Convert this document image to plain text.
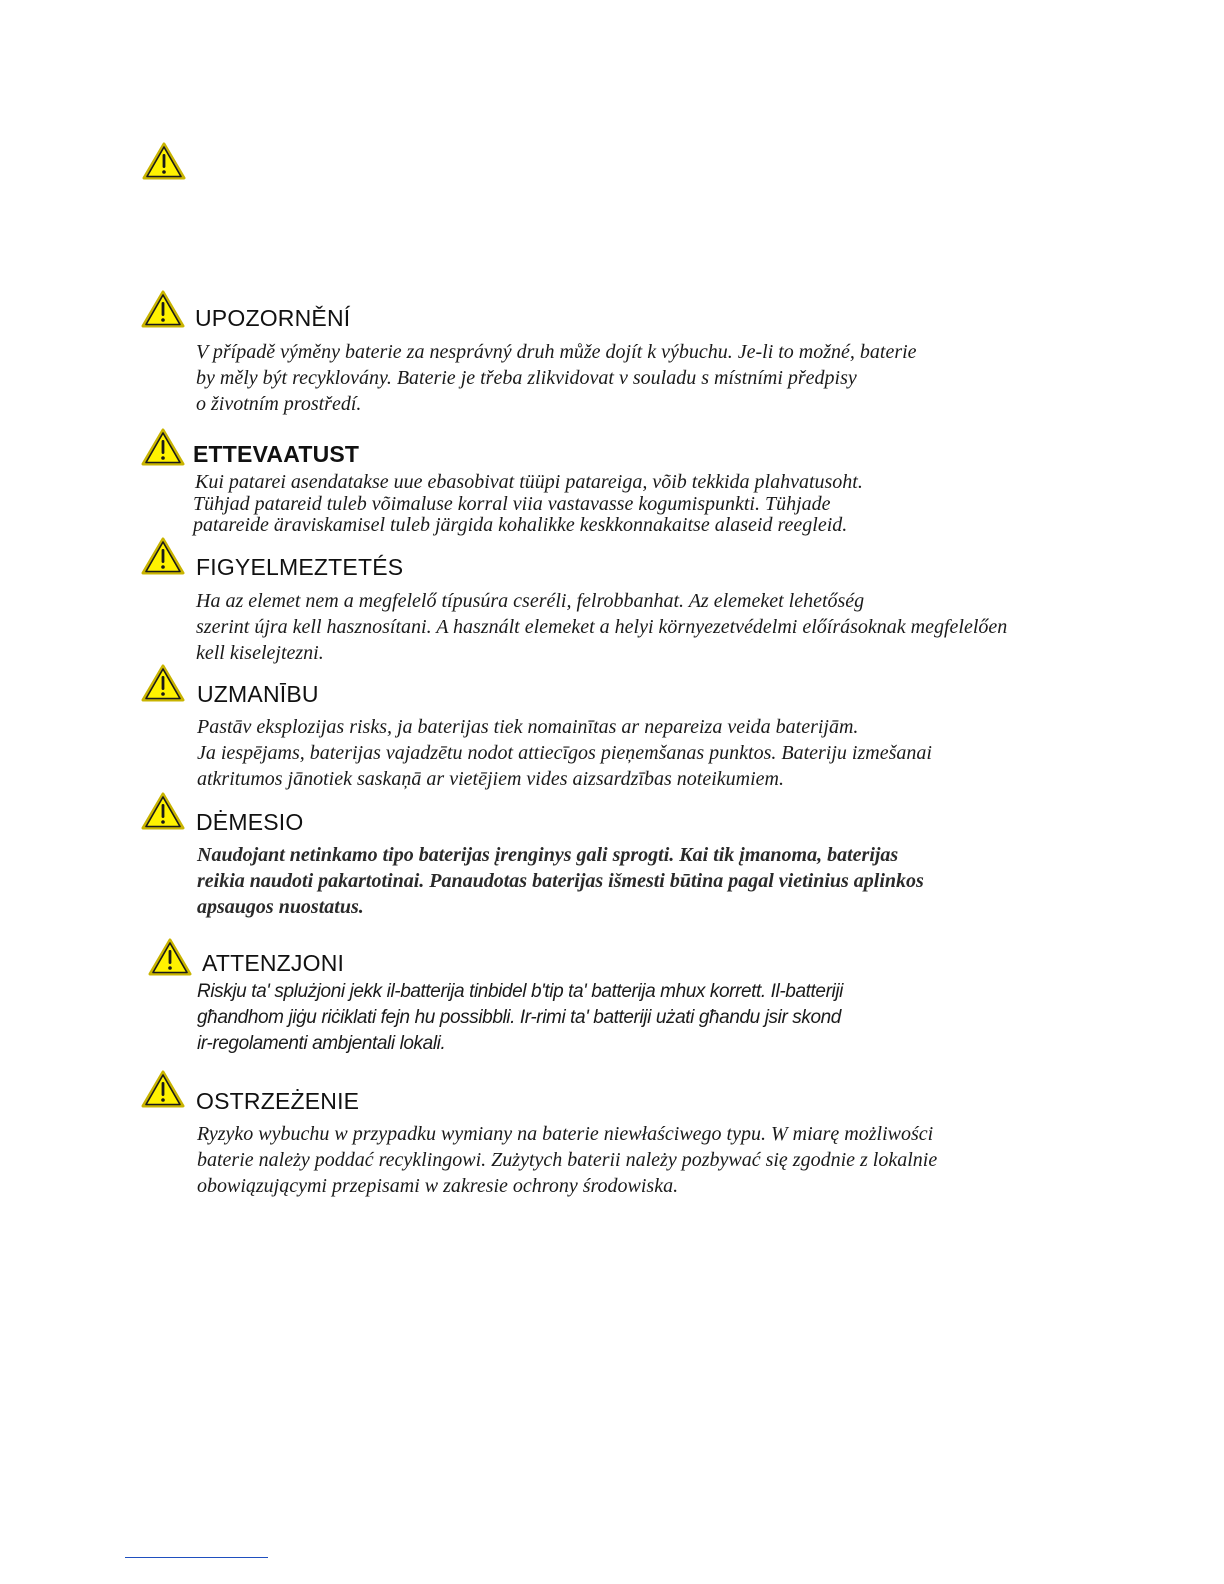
UPOZORNĚNÍ
V případě výměny baterie za nesprávný druh může dojít k výbuchu. Je-li to možné, baterie
by měly být recyklovány. Baterie je třeba zlikvidovat v souladu s místními předpisy
o životním prostředí.
ETTEVAATUST
Kui patarei asendatakse uue ebasobivat tüüpi patareiga, võib tekkida plahvatusoht.
Tühjad patareid tuleb võimaluse korral viia vastavasse kogumispunkti. Tühjade
patareide äraviskamisel tuleb järgida kohalikke keskkonnakaitse alaseid reegleid.
FIGYELMEZTETÉS
Ha az elemet nem a megfelelő típusúra cseréli, felrobbanhat. Az elemeket lehetőség
szerint újra kell hasznosítani. A használt elemeket a helyi környezetvédelmi előírásoknak megfelelően
kell kiselejtezni.
UZMANĪBU
Pastāv eksplozijas risks, ja baterijas tiek nomainītas ar nepareiza veida baterijām.
Ja iespējams, baterijas vajadzētu nodot attiecīgos pieņemšanas punktos. Bateriju izmešanai
atkritumos jānotiek saskaņā ar vietējiem vides aizsardzības noteikumiem.
DĖMESIO
Naudojant netinkamo tipo baterijas įrenginys gali sprogti. Kai tik įmanoma, baterijas
reikia naudoti pakartotinai. Panaudotas baterijas išmesti būtina pagal vietinius aplinkos
apsaugos nuostatus.
ATTENZJONI
Riskju ta' splużjoni jekk il-batterija tinbidel b'tip ta' batterija mhux korrett. Il-batteriji
għandhom jiġu riċiklati fejn hu possibbli. Ir-rimi ta' batteriji użati għandu jsir skond
ir-regolamenti ambjentali lokali.
OSTRZEŻENIE
Ryzyko wybuchu w przypadku wymiany na baterie niewłaściwego typu. W miarę możliwości
baterie należy poddać recyklingowi. Zużytych baterii należy pozbywać się zgodnie z lokalnie
obowiązującymi przepisami w zakresie ochrony środowiska.
